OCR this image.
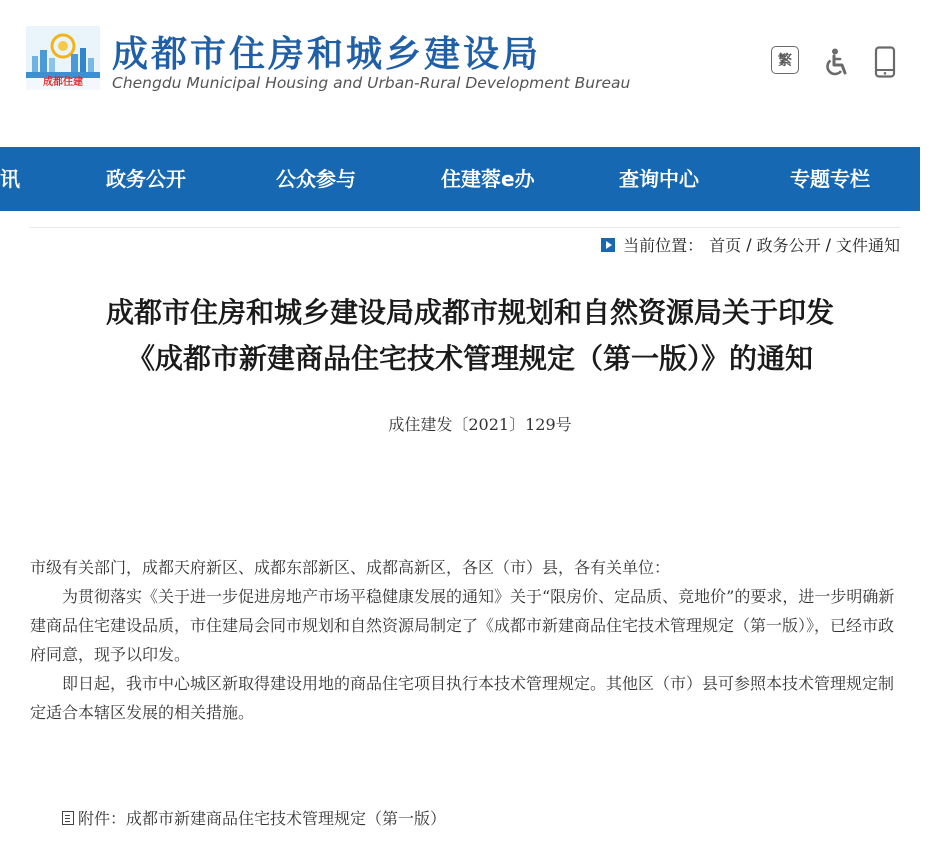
成都住建
成都市住房和城乡建设局
Chengdu Municipal Housing and Urban-Rural Development Bureau
繁
讯	政务公开	公众参与	住建蓉e办	查询中心	专题专栏
当前位置： 首页 / 政务公开 / 文件通知
成都市住房和城乡建设局成都市规划和自然资源局关于印发
《成都市新建商品住宅技术管理规定（第一版）》的通知
成住建发〔2021〕129号

市级有关部门，成都天府新区、成都东部新区、成都高新区，各区（市）县，各有关单位：

为贯彻落实《关于进一步促进房地产市场平稳健康发展的通知》关于“限房价、定品质、竞地价”的要求，进一步明确新建商品住宅建设品质，市住建局会同市规划和自然资源局制定了《成都市新建商品住宅技术管理规定（第一版）》，已经市政府同意，现予以印发。

即日起，我市中心城区新取得建设用地的商品住宅项目执行本技术管理规定。其他区（市）县可参照本技术管理规定制定适合本辖区发展的相关措施。

附件：成都市新建商品住宅技术管理规定（第一版）
